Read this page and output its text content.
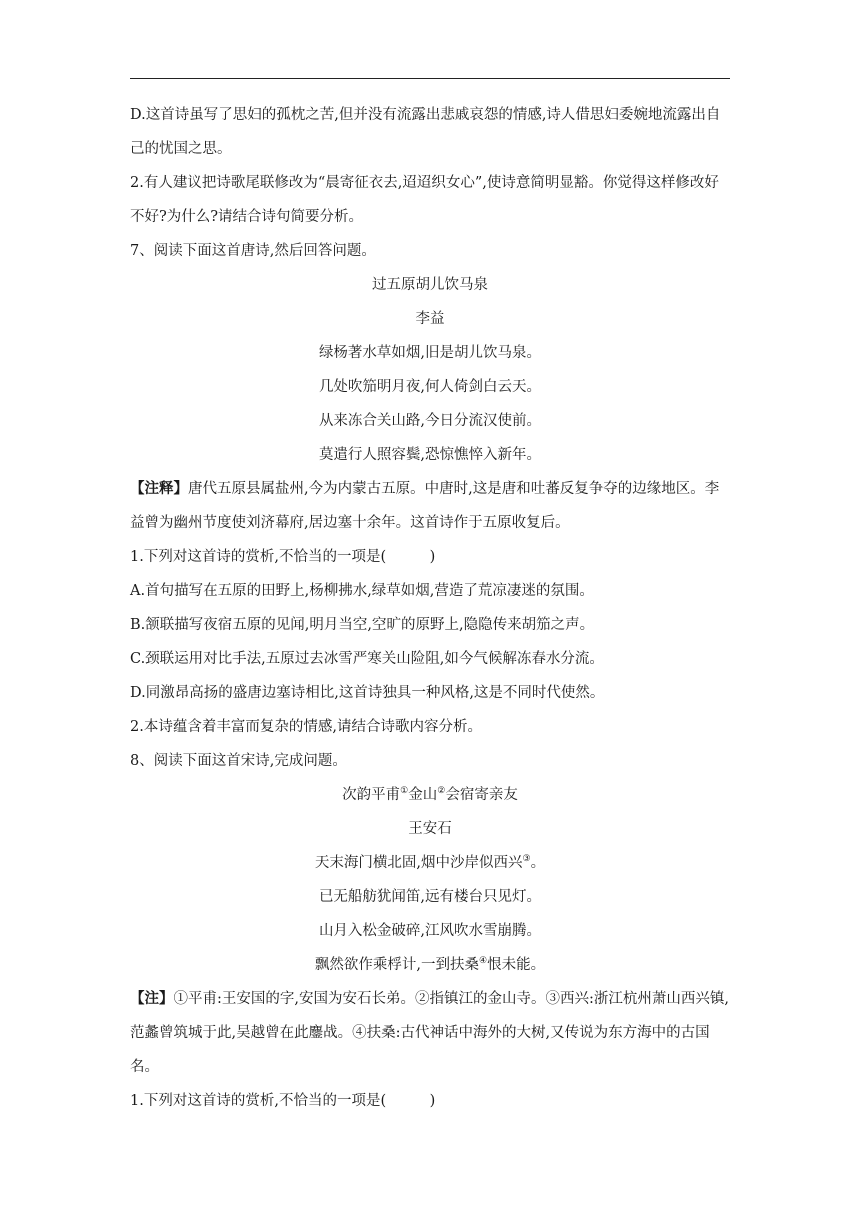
D.这首诗虽写了思妇的孤枕之苦,但并没有流露出悲戚哀怨的情感,诗人借思妇委婉地流露出自己的忧国之思。

2.有人建议把诗歌尾联修改为“晨寄征衣去,迢迢织女心”,使诗意简明显豁。你觉得这样修改好不好?为什么?请结合诗句简要分析。

7、阅读下面这首唐诗,然后回答问题。

过五原胡儿饮马泉

李益

绿杨著水草如烟,旧是胡儿饮马泉。

几处吹笳明月夜,何人倚剑白云天。

从来冻合关山路,今日分流汉使前。

莫遣行人照容鬓,恐惊憔悴入新年。

【注释】唐代五原县属盐州,今为内蒙古五原。中唐时,这是唐和吐蕃反复争夺的边缘地区。李益曾为幽州节度使刘济幕府,居边塞十余年。这首诗作于五原收复后。

1.下列对这首诗的赏析,不恰当的一项是(　　　)

A.首句描写在五原的田野上,杨柳拂水,绿草如烟,营造了荒凉凄迷的氛围。

B.颔联描写夜宿五原的见闻,明月当空,空旷的原野上,隐隐传来胡笳之声。

C.颈联运用对比手法,五原过去冰雪严寒关山险阻,如今气候解冻春水分流。

D.同激昂高扬的盛唐边塞诗相比,这首诗独具一种风格,这是不同时代使然。

2.本诗蕴含着丰富而复杂的情感,请结合诗歌内容分析。

8、阅读下面这首宋诗,完成问题。

次韵平甫①金山②会宿寄亲友

王安石

天末海门横北固,烟中沙岸似西兴③。

已无船舫犹闻笛,远有楼台只见灯。

山月入松金破碎,江风吹水雪崩腾。

飘然欲作乘桴计,一到扶桑④恨未能。

【注】①平甫:王安国的字,安国为安石长弟。②指镇江的金山寺。③西兴:浙江杭州萧山西兴镇,范蠡曾筑城于此,吴越曾在此鏖战。④扶桑:古代神话中海外的大树,又传说为东方海中的古国名。

1.下列对这首诗的赏析,不恰当的一项是(　　　)
